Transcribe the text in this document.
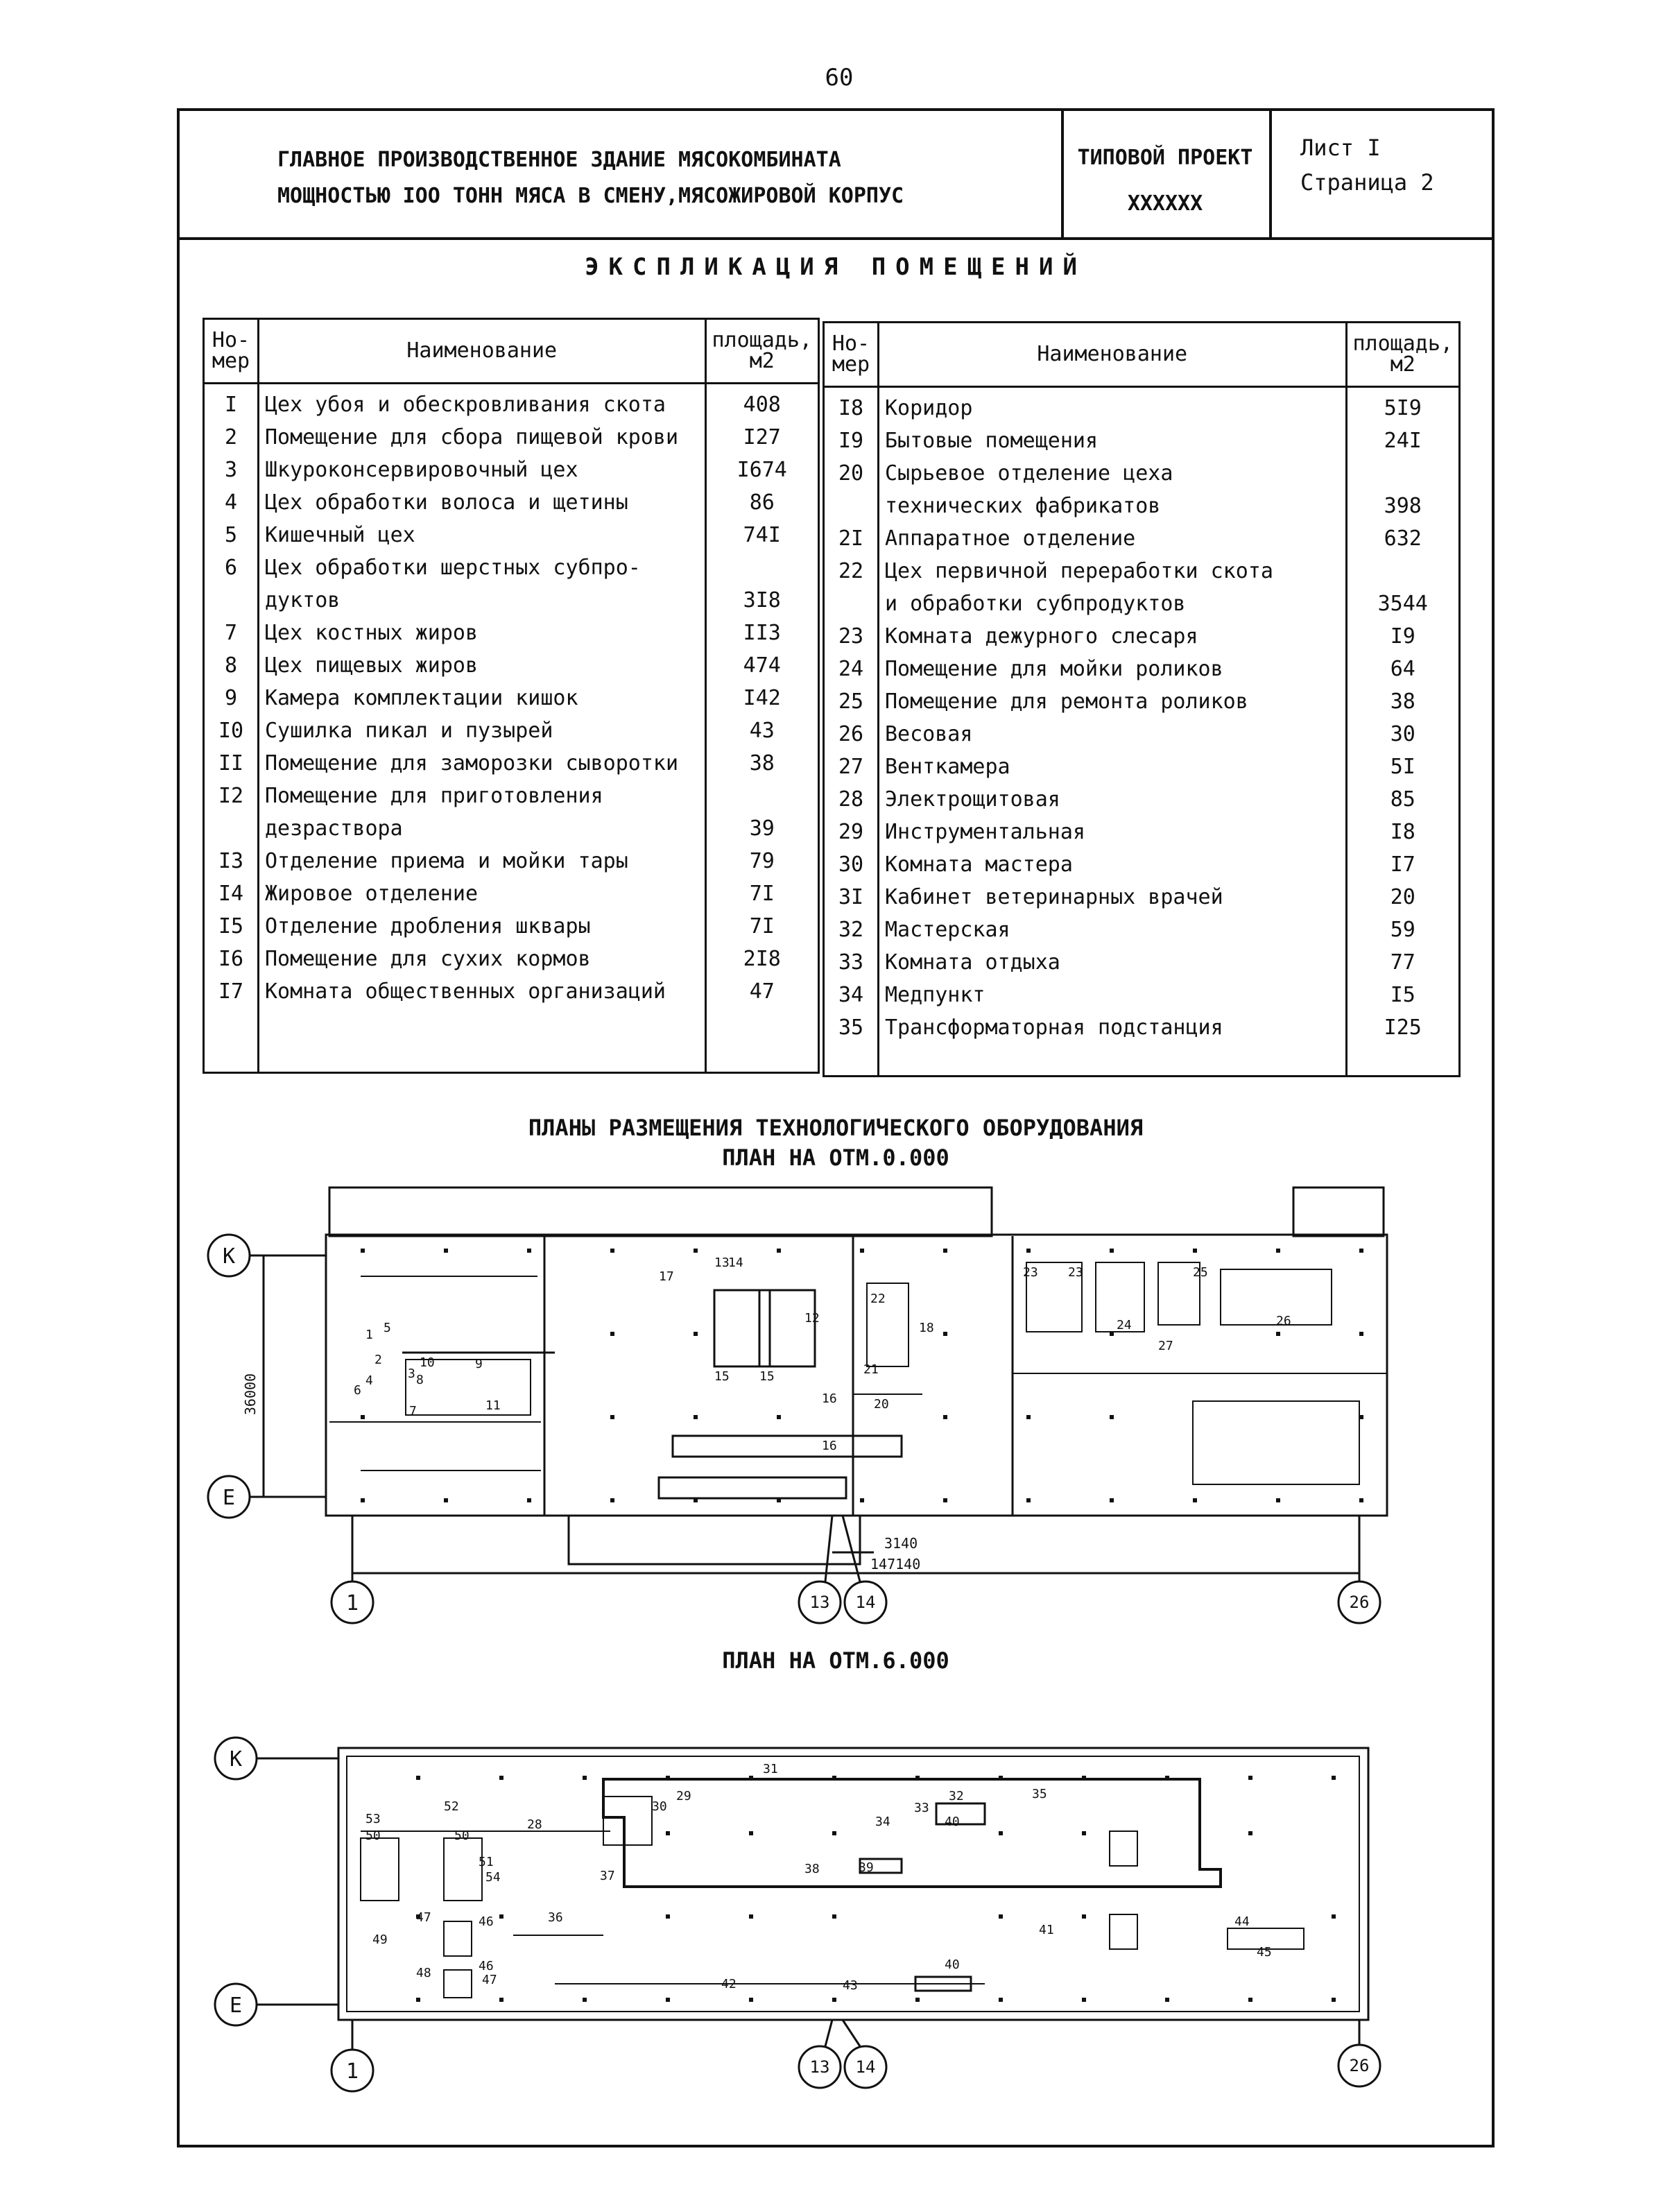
60
ГЛАВНОЕ ПРОИЗВОДСТВЕННОЕ ЗДАНИЕ МЯСОКОМБИНАТА
МОЩНОСТЬЮ IOO ТОНН МЯСА В СМЕНУ,МЯСОЖИРОВОЙ КОРПУС
ТИПОВОЙ ПРОЕКТ
XXXXXX
Лист I
Страница 2
ЭКСПЛИКАЦИЯ ПОМЕЩЕНИЙ
Но-мер	Наименование	площадь, м2
I	Цех убоя и обескровливания скота	408
2	Помещение для сбора пищевой крови	I27
3	Шкуроконсервировочный цех	I674
4	Цех обработки волоса и щетины	86
5	Кишечный цех	74I
6	Цех обработки шерстных субпро-	
	дуктов	3I8
7	Цех костных жиров	II3
8	Цех пищевых жиров	474
9	Камера комплектации кишок	I42
I0	Сушилка пикал и пузырей	43
II	Помещение для заморозки сыворотки	38
I2	Помещение для приготовления	
	дезраствора	39
I3	Отделение приема и мойки тары	79
I4	Жировое отделение	7I
I5	Отделение дробления шквары	7I
I6	Помещение для сухих кормов	2I8
I7	Комната общественных организаций	47

Но-мер	Наименование	площадь, м2
I8	Коридор	5I9
I9	Бытовые помещения	24I
20	Сырьевое отделение цеха	
	технических фабрикатов	398
2I	Аппаратное отделение	632
22	Цех первичной переработки скота	
	и обработки субпродуктов	3544
23	Комната дежурного слесаря	I9
24	Помещение для мойки роликов	64
25	Помещение для ремонта роликов	38
26	Весовая	30
27	Венткамера	5I
28	Электрощитовая	85
29	Инструментальная	I8
30	Комната мастера	I7
3I	Кабинет ветеринарных врачей	20
32	Мастерская	59
33	Комната отдыха	77
34	Медпункт	I5
35	Трансформаторная подстанция	I25

ПЛАНЫ РАЗМЕЩЕНИЯ ТЕХНОЛОГИЧЕСКОГО ОБОРУДОВАНИЯ
ПЛАН НА ОТМ.0.000
ПЛАН НА ОТМ.6.000
K
E
1	13 14	26
3140
147140
36000
1
2
3
4
5
6
7
8
9
10
11
12
13
14
15 15
16
16
17
18
20
21
22
23 23
24
25
26
27
K
E
1	13 14	26
28
29
30
31
32
33
34
35
36
37	38	39
40
40
41
42	43
44
45
46
46
47
47
48
49
50	50
51
52
53
54
